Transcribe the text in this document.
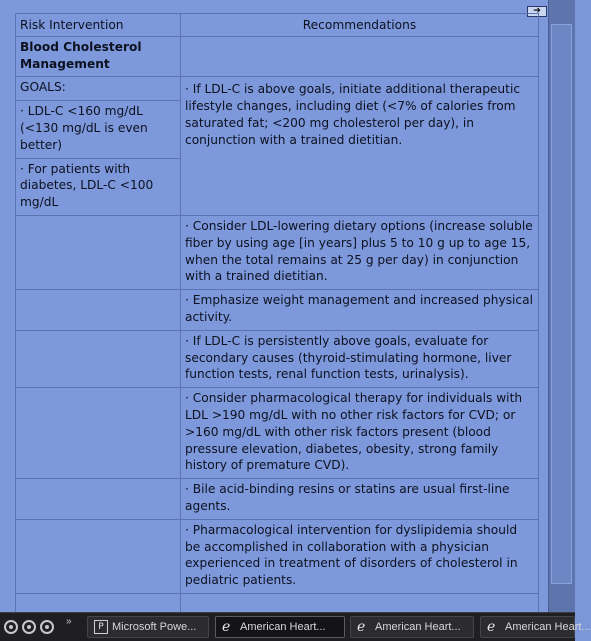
➔
Risk Intervention	Recommendations
Blood Cholesterol Management	

GOALS:
· LDL-C <160 mg/dL (<130 mg/dL is even better)
· For patients with diabetes, LDL-C <100 mg/dL	· If LDL-C is above goals, initiate additional therapeutic lifestyle changes, including diet (<7% of calories from saturated fat; <200 mg cholesterol per day), in conjunction with a trained dietitian.

	· Consider LDL-lowering dietary options (increase soluble fiber by using age [in years] plus 5 to 10 g up to age 15, when the total remains at 25 g per day) in conjunction with a trained dietitian.
	· Emphasize weight management and increased physical activity.
	· If LDL-C is persistently above goals, evaluate for secondary causes (thyroid-stimulating hormone, liver function tests, renal function tests, urinalysis).
	· Consider pharmacological therapy for individuals with LDL >190 mg/dL with no other risk factors for CVD; or >160 mg/dL with other risk factors present (blood pressure elevation, diabetes, obesity, strong family history of premature CVD).
	· Bile acid-binding resins or statins are usual first-line agents.
	· Pharmacological intervention for dyslipidemia should be accomplished in collaboration with a physician experienced in treatment of disorders of cholesterol in pediatric patients.

»	P Microsoft Powe...	e American Heart...	e American Heart...	e American Heart...
